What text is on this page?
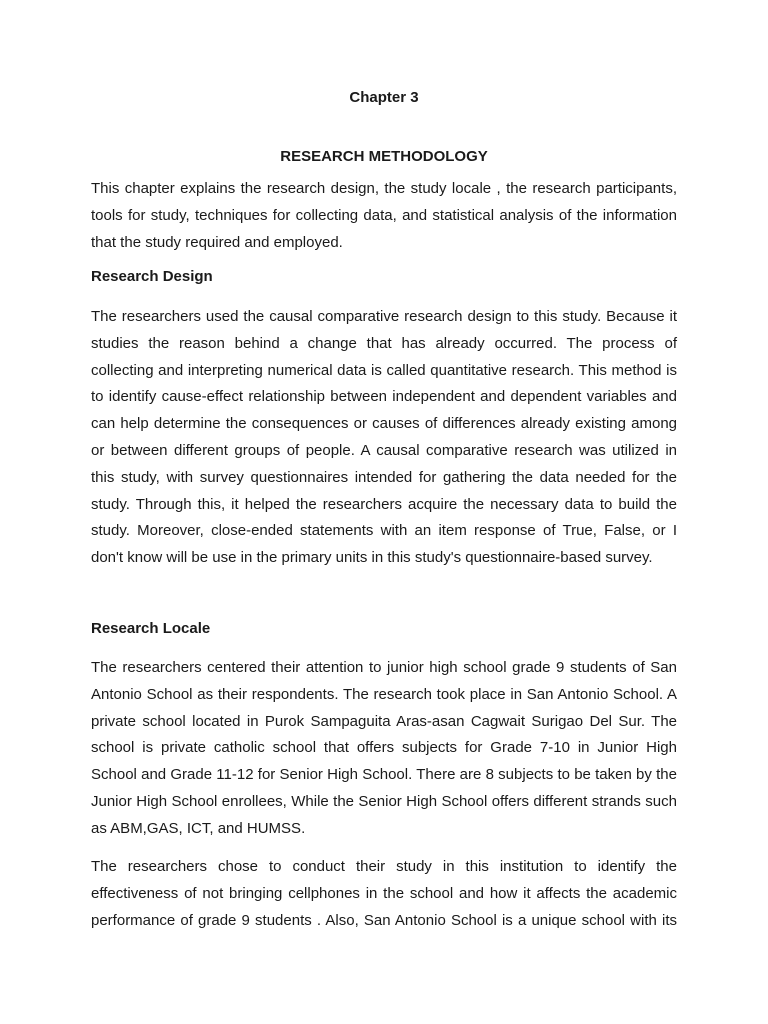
Chapter 3
RESEARCH METHODOLOGY
This chapter explains the research design, the study locale , the research participants,
tools for study, techniques for collecting data, and statistical analysis of the information
that the study required and employed.
Research Design
The researchers used the causal comparative research design to this study. Because it
studies the reason behind a change that has already occurred. The process of
collecting and interpreting numerical data is called quantitative research. This method is
to identify cause-effect relationship between independent and dependent variables and
can help determine the consequences or causes of differences already existing among
or between different groups of people. A causal comparative research was utilized in
this study, with survey questionnaires intended for gathering the data needed for the
study. Through this, it helped the researchers acquire the necessary data to build the
study. Moreover, close-ended statements with an item response of True, False, or I
don't know will be use in the primary units in this study's questionnaire-based survey.
Research Locale
The researchers centered their attention to junior high school grade 9 students of San
Antonio School as their respondents. The research took place in San Antonio School. A
private school located in Purok Sampaguita Aras-asan Cagwait Surigao Del Sur. The
school is private catholic school that offers subjects for Grade 7-10 in Junior High
School and Grade 11-12 for Senior High School. There are 8 subjects to be taken by the
Junior High School enrollees, While the Senior High School offers different strands such
as ABM,GAS, ICT, and HUMSS.
The researchers chose to conduct their study in this institution to identify the
effectiveness of not bringing cellphones in the school and how it affects the academic
performance of grade 9 students . Also, San Antonio School is a unique school with its
